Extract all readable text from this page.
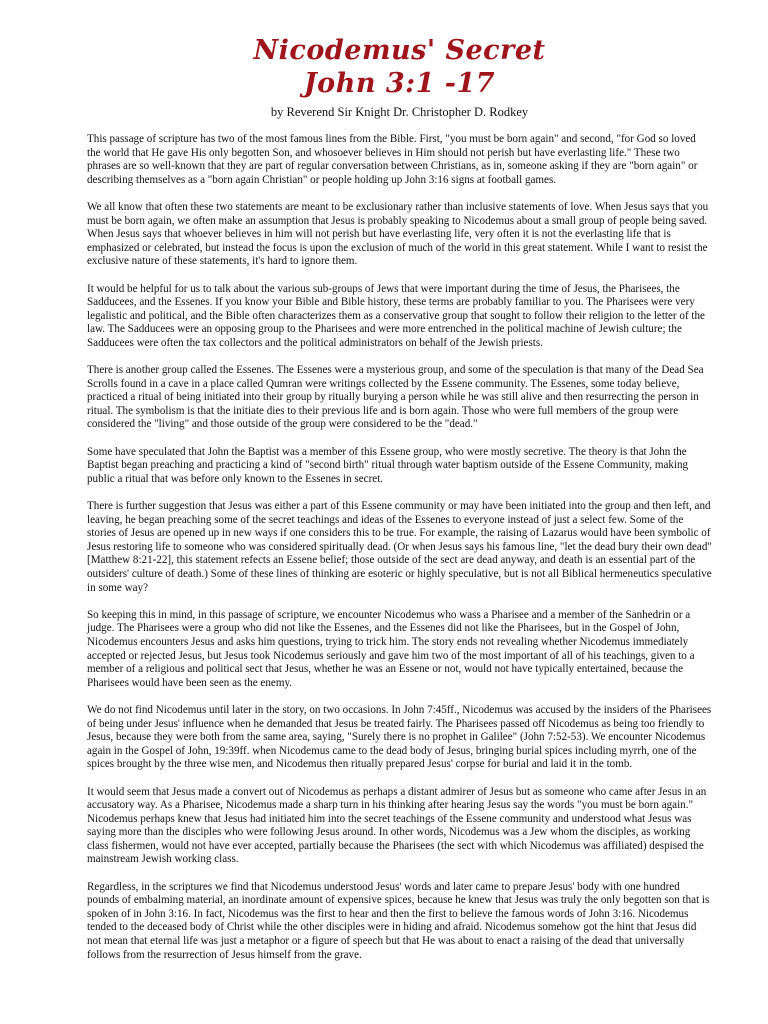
Nicodemus' Secret
John 3:1 -17
by Reverend Sir Knight Dr. Christopher D. Rodkey

This passage of scripture has two of the most famous lines from the Bible. First, "you must be born again" and second, "for God so loved the world that He gave His only begotten Son, and whosoever believes in Him should not perish but have everlasting life." These two phrases are so well-known that they are part of regular conversation between Christians, as in, someone asking if they are "born again" or describing themselves as a "born again Christian" or people holding up John 3:16 signs at football games.

We all know that often these two statements are meant to be exclusionary rather than inclusive statements of love. When Jesus says that you must be born again, we often make an assumption that Jesus is probably speaking to Nicodemus about a small group of people being saved. When Jesus says that whoever believes in him will not perish but have everlasting life, very often it is not the everlasting life that is emphasized or celebrated, but instead the focus is upon the exclusion of much of the world in this great statement. While I want to resist the exclusive nature of these statements, it's hard to ignore them.

It would be helpful for us to talk about the various sub-groups of Jews that were important during the time of Jesus, the Pharisees, the Sadducees, and the Essenes. If you know your Bible and Bible history, these terms are probably familiar to you. The Pharisees were very legalistic and political, and the Bible often characterizes them as a conservative group that sought to follow their religion to the letter of the law. The Sadducees were an opposing group to the Pharisees and were more entrenched in the political machine of Jewish culture; the Sadducees were often the tax collectors and the political administrators on behalf of the Jewish priests.

There is another group called the Essenes. The Essenes were a mysterious group, and some of the speculation is that many of the Dead Sea Scrolls found in a cave in a place called Qumran were writings collected by the Essene community. The Essenes, some today believe, practiced a ritual of being initiated into their group by ritually burying a person while he was still alive and then resurrecting the person in ritual. The symbolism is that the initiate dies to their previous life and is born again. Those who were full members of the group were considered the "living" and those outside of the group were considered to be the "dead."

Some have speculated that John the Baptist was a member of this Essene group, who were mostly secretive. The theory is that John the Baptist began preaching and practicing a kind of "second birth" ritual through water baptism outside of the Essene Community, making public a ritual that was before only known to the Essenes in secret.

There is further suggestion that Jesus was either a part of this Essene community or may have been initiated into the group and then left, and leaving, he began preaching some of the secret teachings and ideas of the Essenes to everyone instead of just a select few. Some of the stories of Jesus are opened up in new ways if one considers this to be true. For example, the raising of Lazarus would have been symbolic of Jesus restoring life to someone who was considered spiritually dead. (Or when Jesus says his famous line, "let the dead bury their own dead" [Matthew 8:21-22], this statement refects an Essene belief; those outside of the sect are dead anyway, and death is an essential part of the outsiders' culture of death.) Some of these lines of thinking are esoteric or highly speculative, but is not all Biblical hermeneutics speculative in some way?

So keeping this in mind, in this passage of scripture, we encounter Nicodemus who wass a Pharisee and a member of the Sanhedrin or a judge. The Pharisees were a group who did not like the Essenes, and the Essenes did not like the Pharisees, but in the Gospel of John, Nicodemus encounters Jesus and asks him questions, trying to trick him. The story ends not revealing whether Nicodemus immediately accepted or rejected Jesus, but Jesus took Nicodemus seriously and gave him two of the most important of all of his teachings, given to a member of a religious and political sect that Jesus, whether he was an Essene or not, would not have typically entertained, because the Pharisees would have been seen as the enemy.

We do not find Nicodemus until later in the story, on two occasions. In John 7:45ff., Nicodemus was accused by the insiders of the Pharisees of being under Jesus' influence when he demanded that Jesus be treated fairly. The Pharisees passed off Nicodemus as being too friendly to Jesus, because they were both from the same area, saying, "Surely there is no prophet in Galilee" (John 7:52-53). We encounter Nicodemus again in the Gospel of John, 19:39ff. when Nicodemus came to the dead body of Jesus, bringing burial spices including myrrh, one of the spices brought by the three wise men, and Nicodemus then ritually prepared Jesus' corpse for burial and laid it in the tomb.

It would seem that Jesus made a convert out of Nicodemus as perhaps a distant admirer of Jesus but as someone who came after Jesus in an accusatory way. As a Pharisee, Nicodemus made a sharp turn in his thinking after hearing Jesus say the words "you must be born again." Nicodemus perhaps knew that Jesus had initiated him into the secret teachings of the Essene community and understood what Jesus was saying more than the disciples who were following Jesus around. In other words, Nicodemus was a Jew whom the disciples, as working class fishermen, would not have ever accepted, partially because the Pharisees (the sect with which Nicodemus was affiliated) despised the mainstream Jewish working class.

Regardless, in the scriptures we find that Nicodemus understood Jesus' words and later came to prepare Jesus' body with one hundred pounds of embalming material, an inordinate amount of expensive spices, because he knew that Jesus was truly the only begotten son that is spoken of in John 3:16. In fact, Nicodemus was the first to hear and then the first to believe the famous words of John 3:16. Nicodemus tended to the deceased body of Christ while the other disciples were in hiding and afraid. Nicodemus somehow got the hint that Jesus did not mean that eternal life was just a metaphor or a figure of speech but that He was about to enact a raising of the dead that universally follows from the resurrection of Jesus himself from the grave.
